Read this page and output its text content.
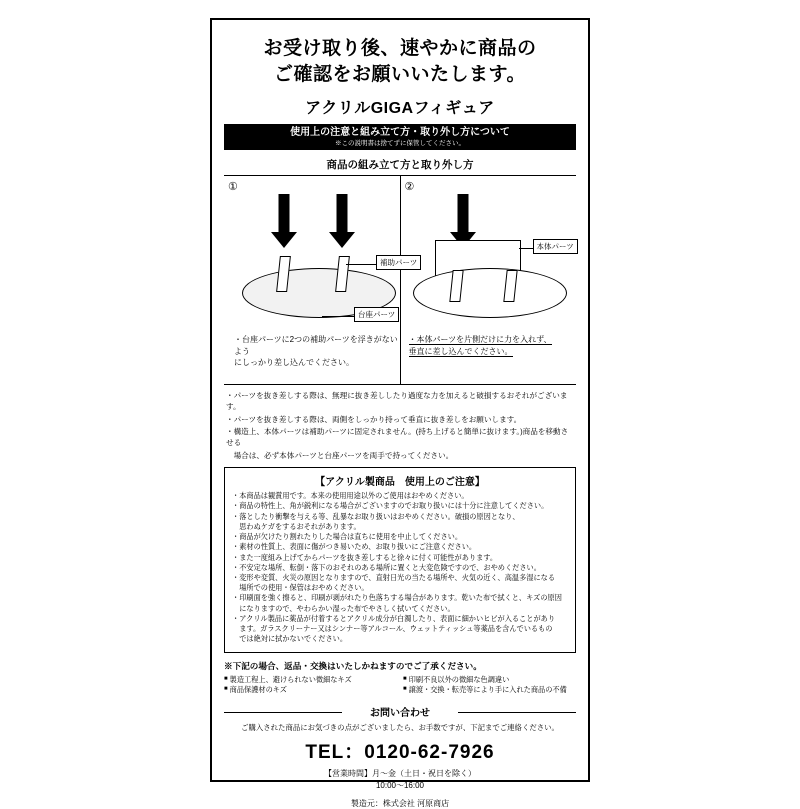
お受け取り後、速やかに商品の
ご確認をお願いいたします。
アクリルGIGAフィギュア
使用上の注意と組み立て方・取り外し方について
※この説明書は捨てずに保管してください。
商品の組み立て方と取り外し方
①
補助パーツ
台座パーツ
・台座パーツに2つの補助パーツを浮きがないよう
にしっかり差し込んでください。
②
本体パーツ
・本体パーツを片側だけに力を入れず、
垂直に差し込んでください。
・パーツを抜き差しする際は、無理に抜き差ししたり過度な力を加えると破損するおそれがございます。
・パーツを抜き差しする際は、両側をしっかり持って垂直に抜き差しをお願いします。
・構造上、本体パーツは補助パーツに固定されません。(持ち上げると簡単に抜けます。)商品を移動させる
　場合は、必ず本体パーツと台座パーツを両手で持ってください。
【アクリル製商品　使用上のご注意】
・本商品は観賞用です。本来の使用用途以外のご使用はおやめください。
・商品の特性上、角が鋭利になる場合がございますのでお取り扱いには十分に注意してください。
・落としたり衝撃を与える等、乱暴なお取り扱いはおやめください。破損の原因となり、
　思わぬケガをするおそれがあります。
・商品が欠けたり割れたりした場合は直ちに使用を中止してください。
・素材の性質上、表面に傷がつき易いため、お取り扱いにご注意ください。
・また一度組み上げてからパーツを抜き差しすると徐々に付く可能性があります。
・不安定な場所、転倒・落下のおそれのある場所に置くと大変危険ですので、おやめください。
・変形や変質、火災の原因となりますので、直射日光の当たる場所や、火気の近く、高温多湿になる
　場所での使用・保管はおやめください。
・印刷面を強く擦ると、印刷が剥がれたり色落ちする場合があります。乾いた布で拭くと、キズの原因
　になりますので、やわらかい湿った布でやさしく拭いてください。
・アクリル製品に薬品が付着するとアクリル成分が白濁したり、表面に細かいヒビが入ることがあり
　ます。ガラスクリーナー又はシンナー等アルコール、ウェットティッシュ等薬品を含んでいるもの
　では絶対に拭かないでください。
※下記の場合、返品・交換はいたしかねますのでご了承ください。
■ 製造工程上、避けられない微細なキズ	■ 印刷不良以外の微細な色調違い
■ 商品保護材のキズ	■ 譲渡・交換・転売等により手に入れた商品の不備
お問い合わせ
ご購入された商品にお気づきの点がございましたら、お手数ですが、下記までご連絡ください。
TEL：0120-62-7926
【営業時間】月〜金（土日・祝日を除く）
10:00〜16:00
製造元：株式会社 河原商店
